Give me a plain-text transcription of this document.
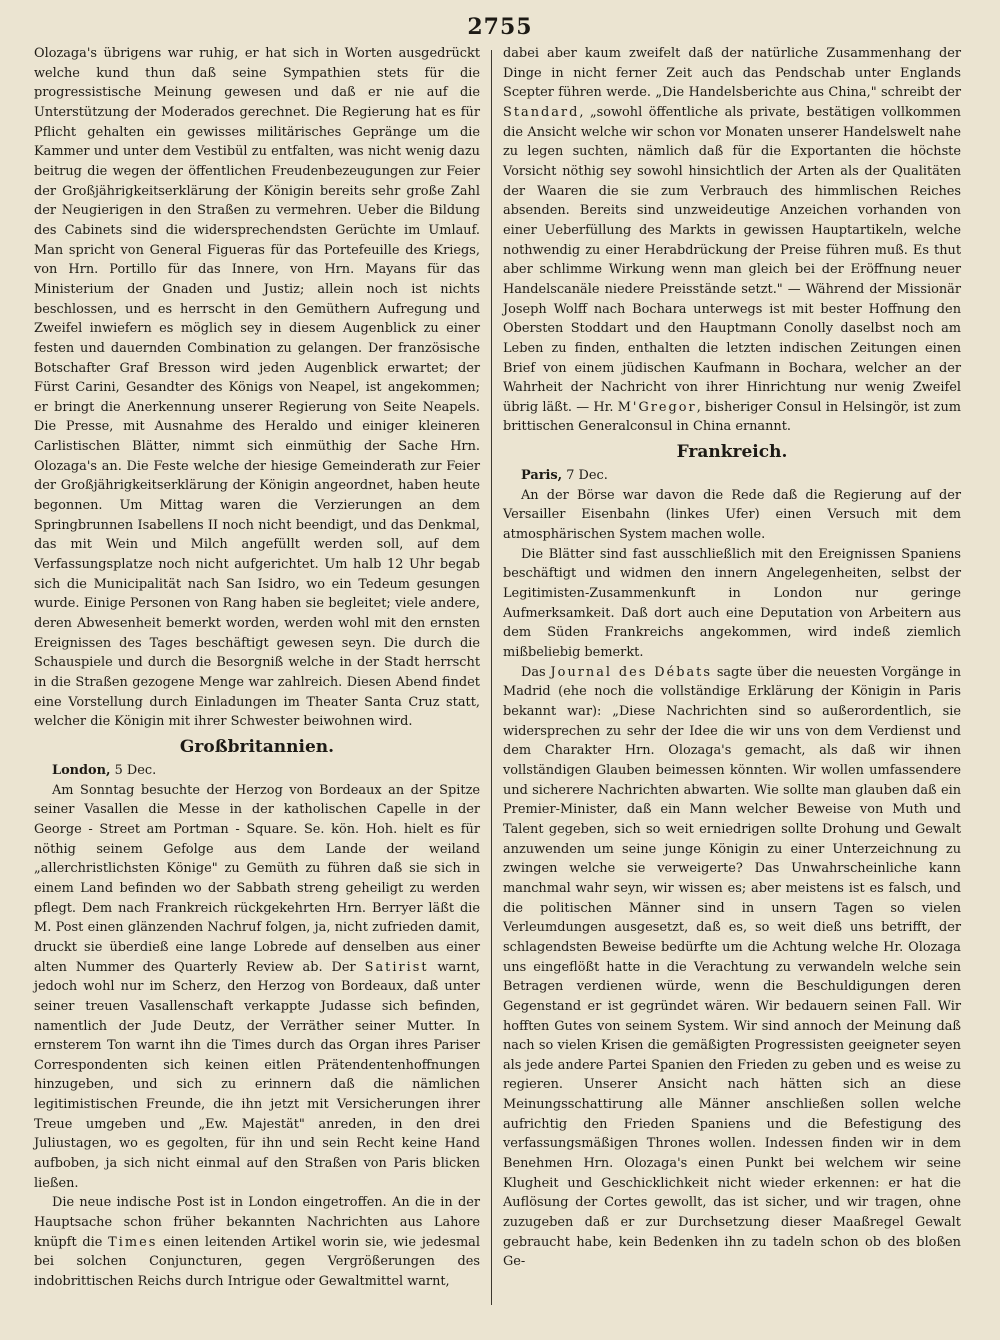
2755

Olozaga's übrigens war ruhig, er hat sich in Worten ausgedrückt welche kund thun daß seine Sympathien stets für die progressistische Meinung gewesen und daß er nie auf die Unterstützung der Moderados gerechnet. Die Regierung hat es für Pflicht gehalten ein gewisses militärisches Gepränge um die Kammer und unter dem Vestibül zu entfalten, was nicht wenig dazu beitrug die wegen der öffentlichen Freudenbezeugungen zur Feier der Großjährigkeitserklärung der Königin bereits sehr große Zahl der Neugierigen in den Straßen zu vermehren. Ueber die Bildung des Cabinets sind die widersprechendsten Gerüchte im Umlauf. Man spricht von General Figueras für das Portefeuille des Kriegs, von Hrn. Portillo für das Innere, von Hrn. Mayans für das Ministerium der Gnaden und Justiz; allein noch ist nichts beschlossen, und es herrscht in den Gemüthern Aufregung und Zweifel inwiefern es möglich sey in diesem Augenblick zu einer festen und dauernden Combination zu gelangen. Der französische Botschafter Graf Bresson wird jeden Augenblick erwartet; der Fürst Carini, Gesandter des Königs von Neapel, ist angekommen; er bringt die Anerkennung unserer Regierung von Seite Neapels. Die Presse, mit Ausnahme des Heraldo und einiger kleineren Carlistischen Blätter, nimmt sich einmüthig der Sache Hrn. Olozaga's an. Die Feste welche der hiesige Gemeinderath zur Feier der Großjährigkeitserklärung der Königin angeordnet, haben heute begonnen. Um Mittag waren die Verzierungen an dem Springbrunnen Isabellens II noch nicht beendigt, und das Denkmal, das mit Wein und Milch angefüllt werden soll, auf dem Verfassungsplatze noch nicht aufgerichtet. Um halb 12 Uhr begab sich die Municipalität nach San Isidro, wo ein Tedeum gesungen wurde. Einige Personen von Rang haben sie begleitet; viele andere, deren Abwesenheit bemerkt worden, werden wohl mit den ernsten Ereignissen des Tages beschäftigt gewesen seyn. Die durch die Schauspiele und durch die Besorgniß welche in der Stadt herrscht in die Straßen gezogene Menge war zahlreich. Diesen Abend findet eine Vorstellung durch Einladungen im Theater Santa Cruz statt, welcher die Königin mit ihrer Schwester beiwohnen wird.

Großbritannien.

London, 5 Dec.

Am Sonntag besuchte der Herzog von Bordeaux an der Spitze seiner Vasallen die Messe in der katholischen Capelle in der George - Street am Portman - Square. Se. kön. Hoh. hielt es für nöthig seinem Gefolge aus dem Lande der weiland „allerchristlichsten Könige" zu Gemüth zu führen daß sie sich in einem Land befinden wo der Sabbath streng geheiligt zu werden pflegt. Dem nach Frankreich rückgekehrten Hrn. Berryer läßt die M. Post einen glänzenden Nachruf folgen, ja, nicht zufrieden damit, druckt sie überdieß eine lange Lobrede auf denselben aus einer alten Nummer des Quarterly Review ab. Der Satirist warnt, jedoch wohl nur im Scherz, den Herzog von Bordeaux, daß unter seiner treuen Vasallenschaft verkappte Judasse sich befinden, namentlich der Jude Deutz, der Verräther seiner Mutter. In ernsterem Ton warnt ihn die Times durch das Organ ihres Pariser Correspondenten sich keinen eitlen Prätendentenhoffnungen hinzugeben, und sich zu erinnern daß die nämlichen legitimistischen Freunde, die ihn jetzt mit Versicherungen ihrer Treue umgeben und „Ew. Majestät" anreden, in den drei Juliustagen, wo es gegolten, für ihn und sein Recht keine Hand aufboben, ja sich nicht einmal auf den Straßen von Paris blicken ließen.

Die neue indische Post ist in London eingetroffen. An die in der Hauptsache schon früher bekannten Nachrichten aus Lahore knüpft die Times einen leitenden Artikel worin sie, wie jedesmal bei solchen Conjuncturen, gegen Vergrößerungen des indobrittischen Reichs durch Intrigue oder Gewaltmittel warnt,

dabei aber kaum zweifelt daß der natürliche Zusammenhang der Dinge in nicht ferner Zeit auch das Pendschab unter Englands Scepter führen werde. „Die Handelsberichte aus China," schreibt der Standard, „sowohl öffentliche als private, bestätigen vollkommen die Ansicht welche wir schon vor Monaten unserer Handelswelt nahe zu legen suchten, nämlich daß für die Exportanten die höchste Vorsicht nöthig sey sowohl hinsichtlich der Arten als der Qualitäten der Waaren die sie zum Verbrauch des himmlischen Reiches absenden. Bereits sind unzweideutige Anzeichen vorhanden von einer Ueberfüllung des Markts in gewissen Hauptartikeln, welche nothwendig zu einer Herabdrückung der Preise führen muß. Es thut aber schlimme Wirkung wenn man gleich bei der Eröffnung neuer Handelscanäle niedere Preisstände setzt." — Während der Missionär Joseph Wolff nach Bochara unterwegs ist mit bester Hoffnung den Obersten Stoddart und den Hauptmann Conolly daselbst noch am Leben zu finden, enthalten die letzten indischen Zeitungen einen Brief von einem jüdischen Kaufmann in Bochara, welcher an der Wahrheit der Nachricht von ihrer Hinrichtung nur wenig Zweifel übrig läßt. — Hr. M'Gregor, bisheriger Consul in Helsingör, ist zum brittischen Generalconsul in China ernannt.

Frankreich.

Paris, 7 Dec.

An der Börse war davon die Rede daß die Regierung auf der Versailler Eisenbahn (linkes Ufer) einen Versuch mit dem atmosphärischen System machen wolle.

Die Blätter sind fast ausschließlich mit den Ereignissen Spaniens beschäftigt und widmen den innern Angelegenheiten, selbst der Legitimisten-Zusammenkunft in London nur geringe Aufmerksamkeit. Daß dort auch eine Deputation von Arbeitern aus dem Süden Frankreichs angekommen, wird indeß ziemlich mißbeliebig bemerkt.

Das Journal des Débats sagte über die neuesten Vorgänge in Madrid (ehe noch die vollständige Erklärung der Königin in Paris bekannt war): „Diese Nachrichten sind so außerordentlich, sie widersprechen zu sehr der Idee die wir uns von dem Verdienst und dem Charakter Hrn. Olozaga's gemacht, als daß wir ihnen vollständigen Glauben beimessen könnten. Wir wollen umfassendere und sicherere Nachrichten abwarten. Wie sollte man glauben daß ein Premier-Minister, daß ein Mann welcher Beweise von Muth und Talent gegeben, sich so weit erniedrigen sollte Drohung und Gewalt anzuwenden um seine junge Königin zu einer Unterzeichnung zu zwingen welche sie verweigerte? Das Unwahrscheinliche kann manchmal wahr seyn, wir wissen es; aber meistens ist es falsch, und die politischen Männer sind in unsern Tagen so vielen Verleumdungen ausgesetzt, daß es, so weit dieß uns betrifft, der schlagendsten Beweise bedürfte um die Achtung welche Hr. Olozaga uns eingeflößt hatte in die Verachtung zu verwandeln welche sein Betragen verdienen würde, wenn die Beschuldigungen deren Gegenstand er ist gegründet wären. Wir bedauern seinen Fall. Wir hofften Gutes von seinem System. Wir sind annoch der Meinung daß nach so vielen Krisen die gemäßigten Progressisten geeigneter seyen als jede andere Partei Spanien den Frieden zu geben und es weise zu regieren. Unserer Ansicht nach hätten sich an diese Meinungsschattirung alle Männer anschließen sollen welche aufrichtig den Frieden Spaniens und die Befestigung des verfassungsmäßigen Thrones wollen. Indessen finden wir in dem Benehmen Hrn. Olozaga's einen Punkt bei welchem wir seine Klugheit und Geschicklichkeit nicht wieder erkennen: er hat die Auflösung der Cortes gewollt, das ist sicher, und wir tragen, ohne zuzugeben daß er zur Durchsetzung dieser Maaßregel Gewalt gebraucht habe, kein Bedenken ihn zu tadeln schon ob des bloßen Ge-
